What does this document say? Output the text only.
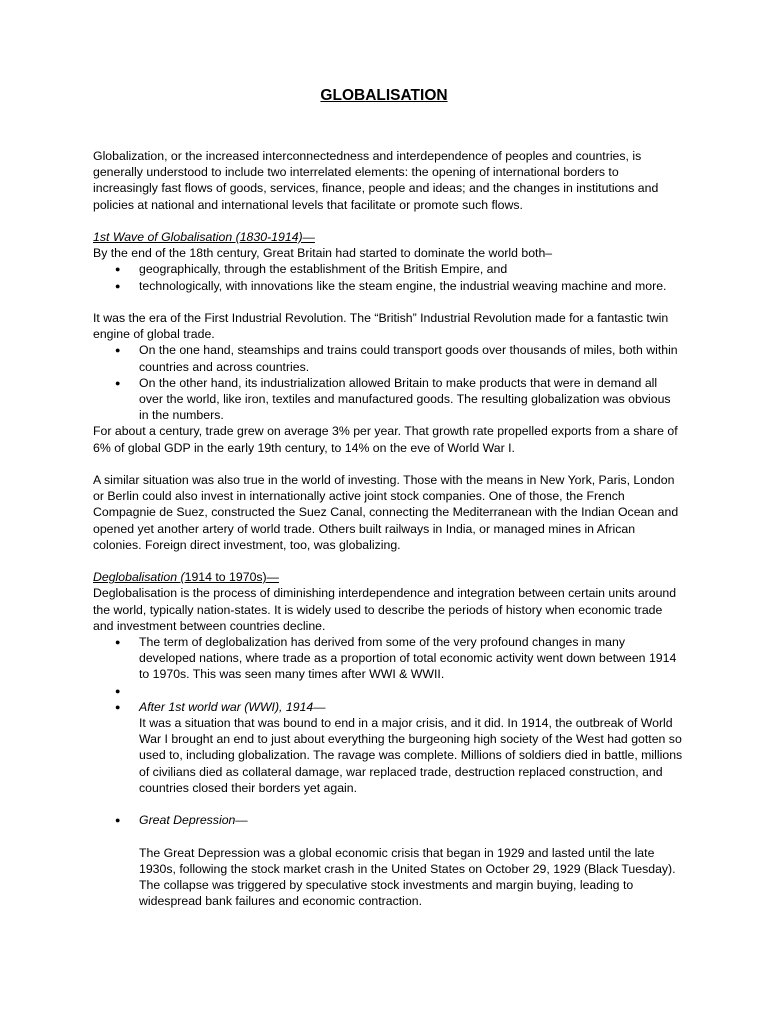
GLOBALISATION

Globalization, or the increased interconnectedness and interdependence of peoples and countries, is generally understood to include two interrelated elements: the opening of international borders to increasingly fast flows of goods, services, finance, people and ideas; and the changes in institutions and policies at national and international levels that facilitate or promote such flows.

1st Wave of Globalisation (1830-1914)—

By the end of the 18th century, Great Britain had started to dominate the world both–

● geographically, through the establishment of the British Empire, and
● technologically, with innovations like the steam engine, the industrial weaving machine and more.

It was the era of the First Industrial Revolution. The “British” Industrial Revolution made for a fantastic twin engine of global trade.

● On the one hand, steamships and trains could transport goods over thousands of miles, both within countries and across countries.
● On the other hand, its industrialization allowed Britain to make products that were in demand all over the world, like iron, textiles and manufactured goods. The resulting globalization was obvious in the numbers.

For about a century, trade grew on average 3% per year. That growth rate propelled exports from a share of 6% of global GDP in the early 19th century, to 14% on the eve of World War I.

A similar situation was also true in the world of investing. Those with the means in New York, Paris, London or Berlin could also invest in internationally active joint stock companies. One of those, the French Compagnie de Suez, constructed the Suez Canal, connecting the Mediterranean with the Indian Ocean and opened yet another artery of world trade. Others built railways in India, or managed mines in African colonies. Foreign direct investment, too, was globalizing.

Deglobalisation (1914 to 1970s)—

Deglobalisation is the process of diminishing interdependence and integration between certain units around the world, typically nation-states. It is widely used to describe the periods of history when economic trade and investment between countries decline.

● The term of deglobalization has derived from some of the very profound changes in many developed nations, where trade as a proportion of total economic activity went down between 1914 to 1970s. This was seen many times after WWI & WWII.
●

● After 1st world war (WWI), 1914—

It was a situation that was bound to end in a major crisis, and it did. In 1914, the outbreak of World War I brought an end to just about everything the burgeoning high society of the West had gotten so used to, including globalization. The ravage was complete. Millions of soldiers died in battle, millions of civilians died as collateral damage, war replaced trade, destruction replaced construction, and countries closed their borders yet again.

● Great Depression—

The Great Depression was a global economic crisis that began in 1929 and lasted until the late 1930s, following the stock market crash in the United States on October 29, 1929 (Black Tuesday). The collapse was triggered by speculative stock investments and margin buying, leading to widespread bank failures and economic contraction.
